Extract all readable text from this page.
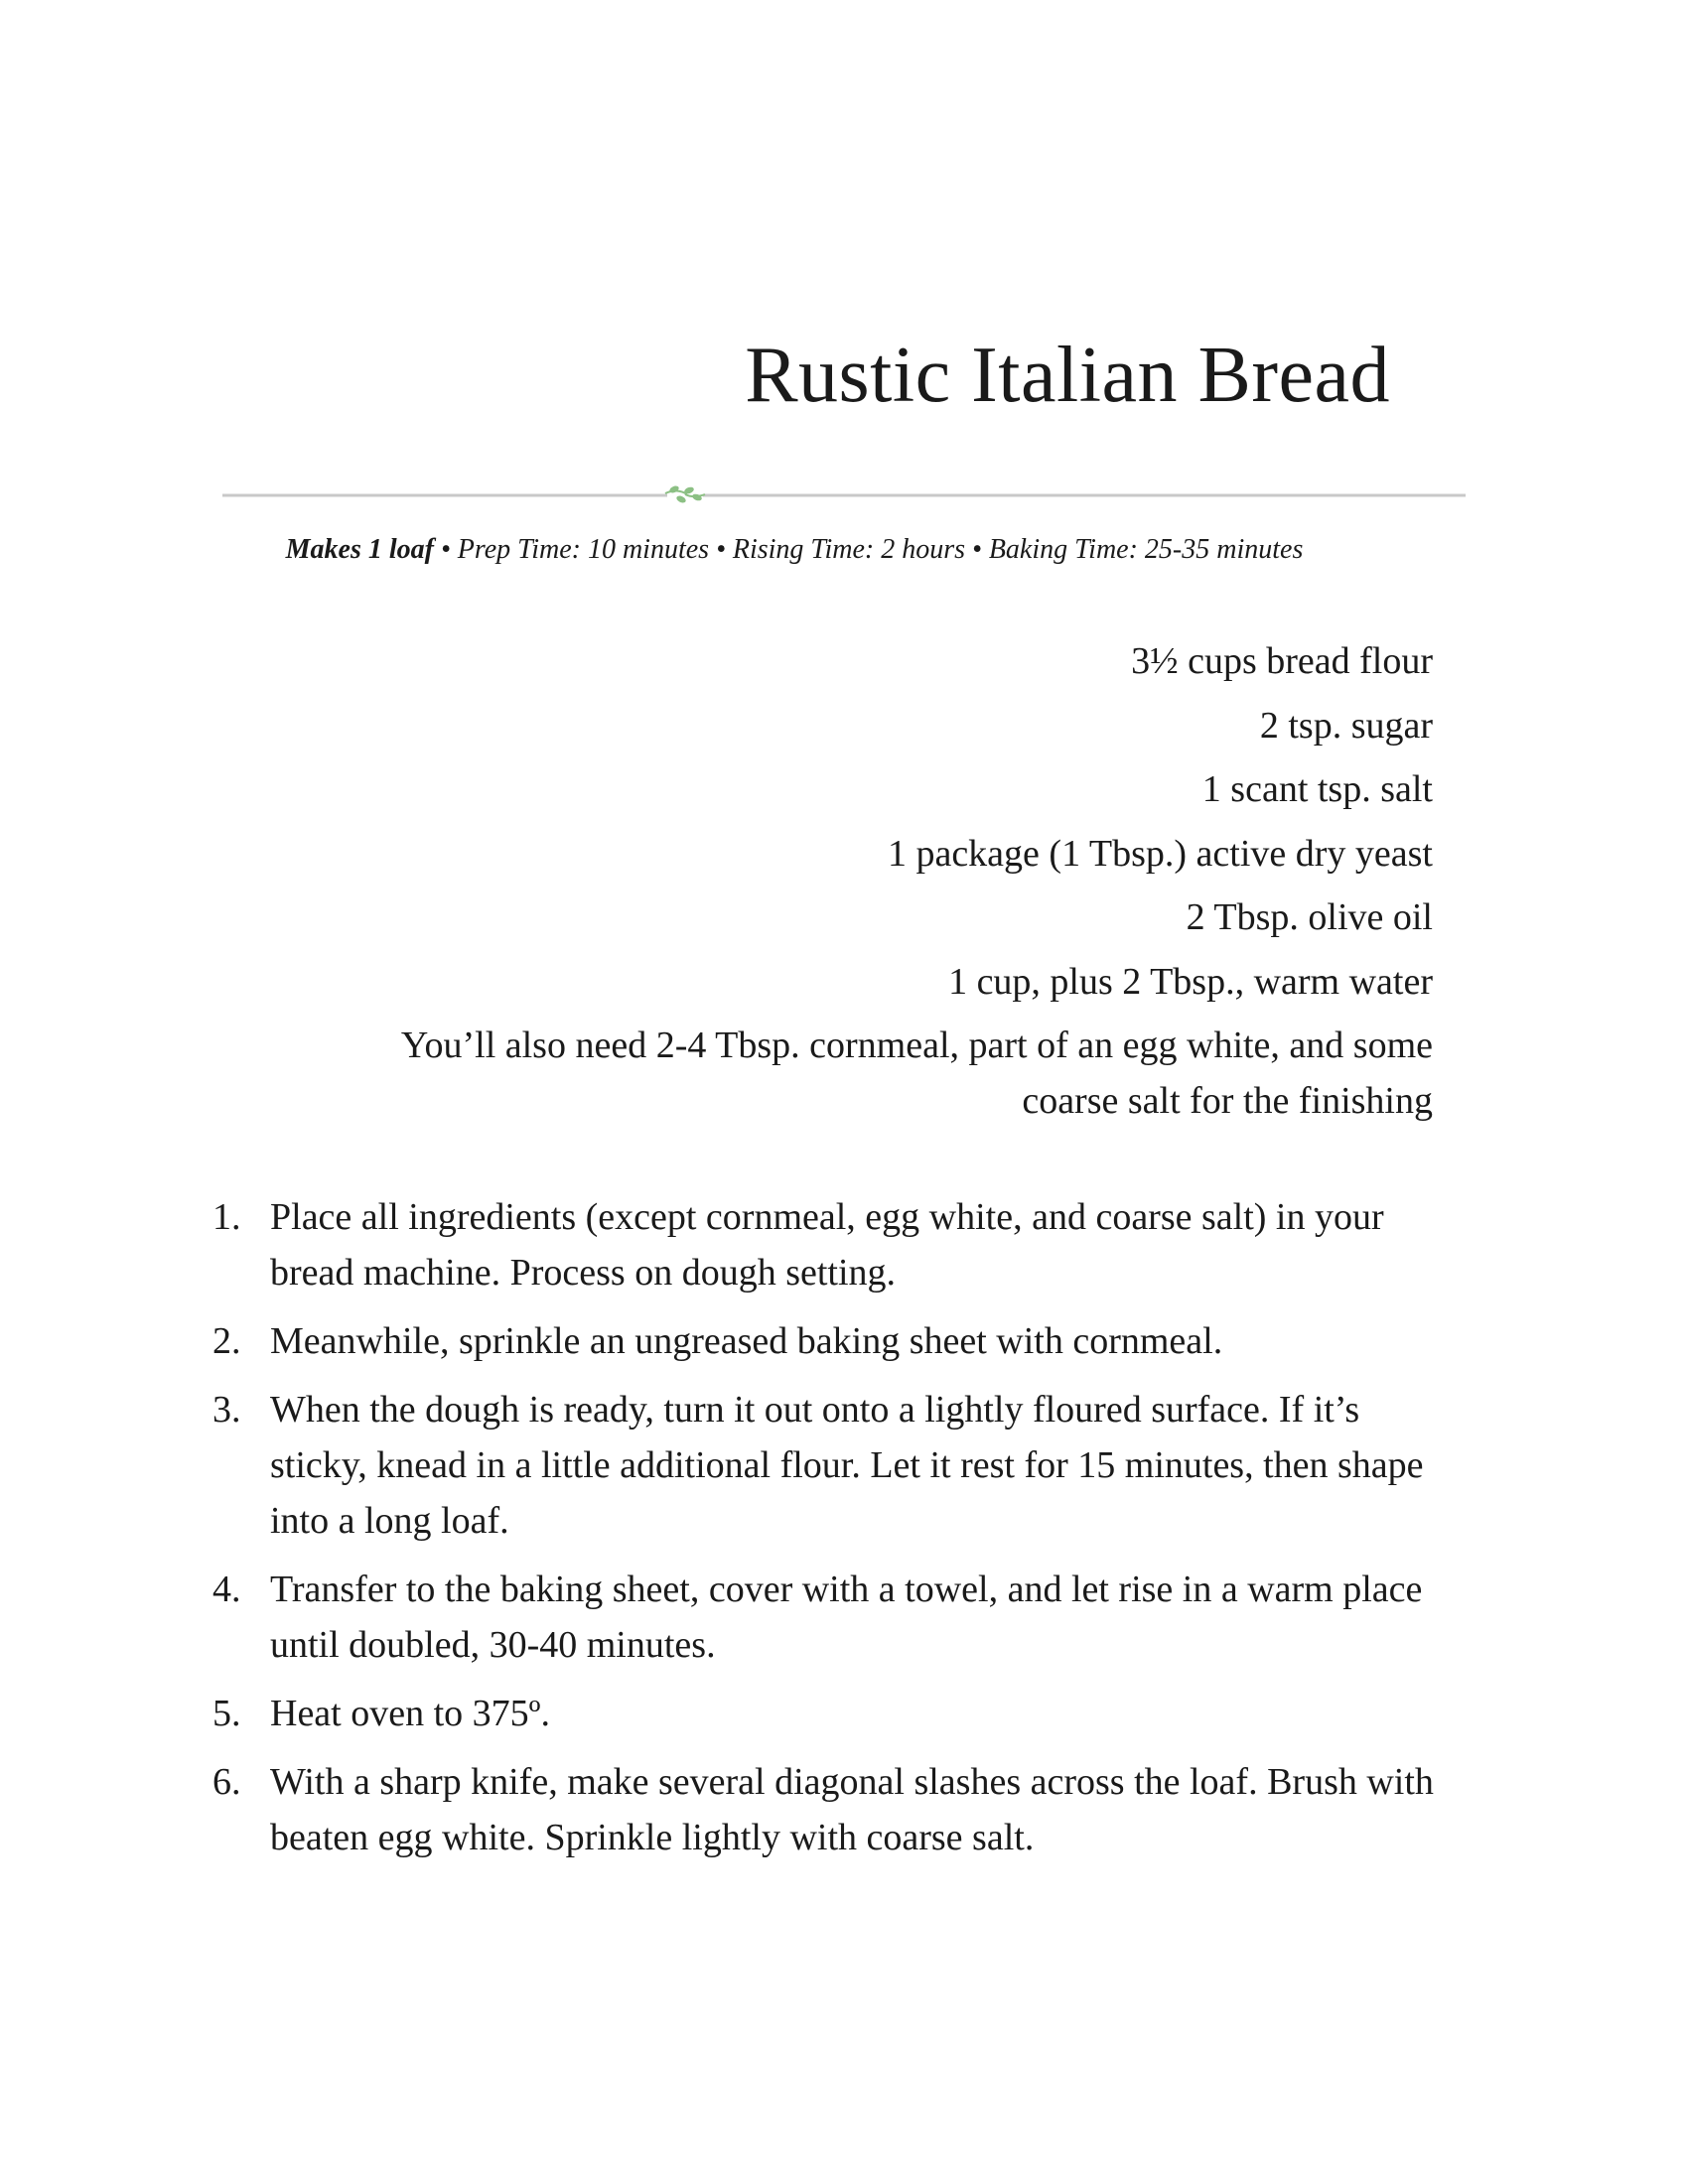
Rustic Italian Bread
Makes 1 loaf • Prep Time: 10 minutes • Rising Time: 2 hours • Baking Time: 25-35 minutes
3½ cups bread flour
2 tsp. sugar
1 scant tsp. salt
1 package (1 Tbsp.) active dry yeast
2 Tbsp. olive oil
1 cup, plus 2 Tbsp., warm water
You’ll also need 2-4 Tbsp. cornmeal, part of an egg white, and some coarse salt for the finishing
1. Place all ingredients (except cornmeal, egg white, and coarse salt) in your bread machine. Process on dough setting.
2. Meanwhile, sprinkle an ungreased baking sheet with cornmeal.
3. When the dough is ready, turn it out onto a lightly floured surface. If it’s sticky, knead in a little additional flour. Let it rest for 15 minutes, then shape into a long loaf.
4. Transfer to the baking sheet, cover with a towel, and let rise in a warm place until doubled, 30-40 minutes.
5. Heat oven to 375º.
6. With a sharp knife, make several diagonal slashes across the loaf. Brush with beaten egg white. Sprinkle lightly with coarse salt.
